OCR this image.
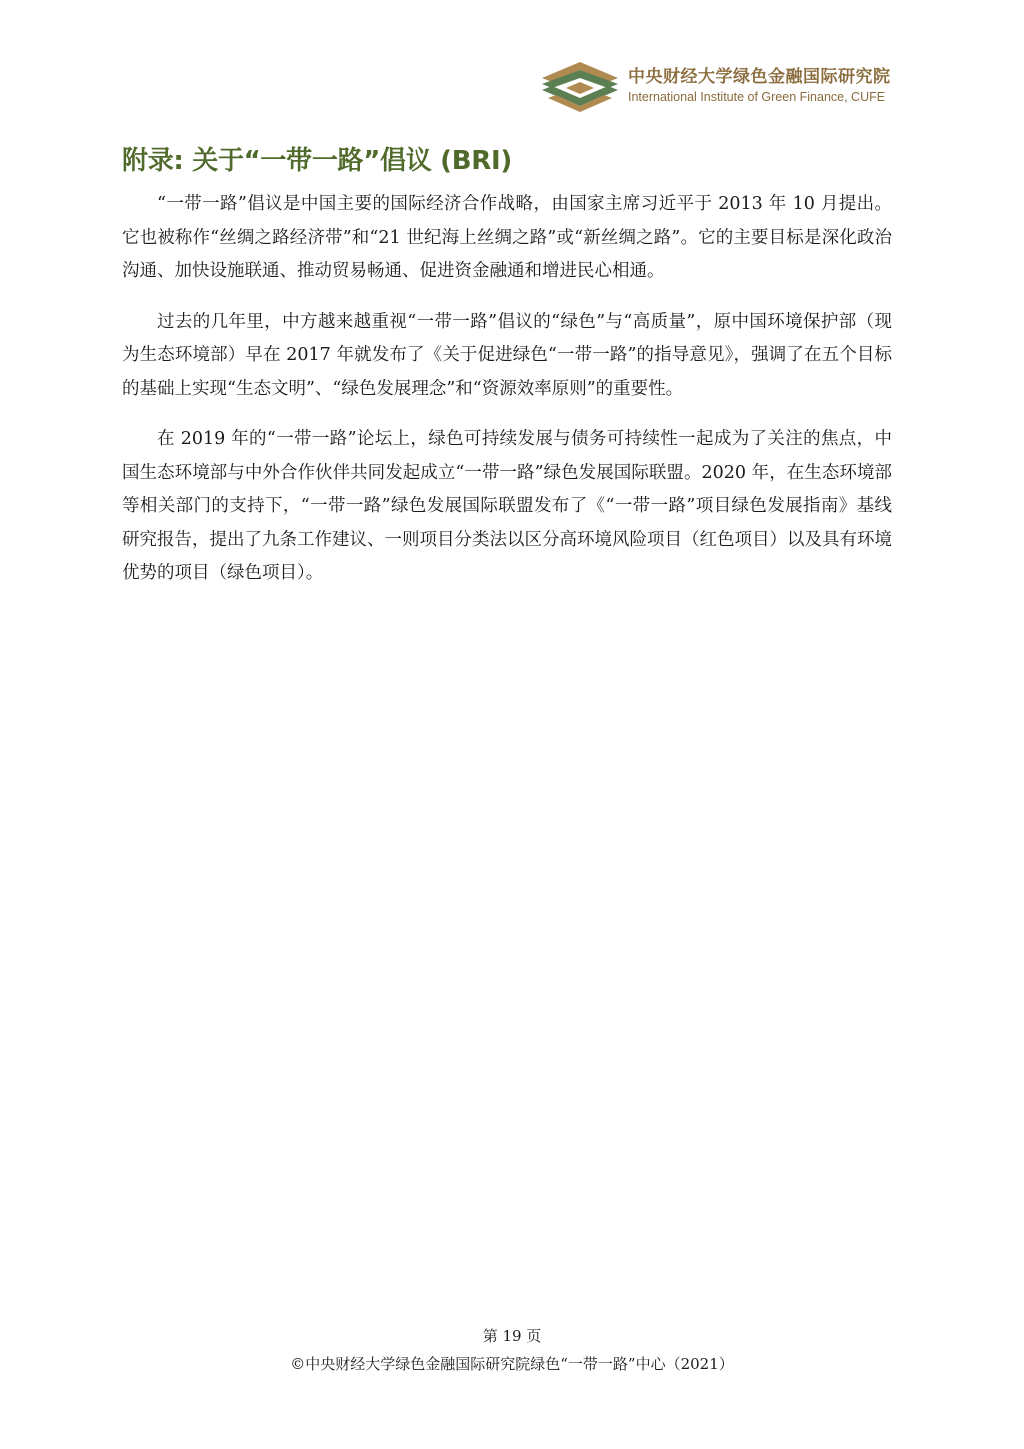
中央财经大学绿色金融国际研究院
International Institute of Green Finance, CUFE
附录: 关于“一带一路”倡议 (BRI)

“一带一路”倡议是中国主要的国际经济合作战略，由国家主席习近平于 2013 年 10 月提出。它也被称作“丝绸之路经济带”和“21 世纪海上丝绸之路”或“新丝绸之路”。它的主要目标是深化政治沟通、加快设施联通、推动贸易畅通、促进资金融通和增进民心相通。

过去的几年里，中方越来越重视“一带一路”倡议的“绿色”与“高质量”，原中国环境保护部（现为生态环境部）早在 2017 年就发布了《关于促进绿色“一带一路”的指导意见》，强调了在五个目标的基础上实现“生态文明”、“绿色发展理念”和“资源效率原则”的重要性。

在 2019 年的“一带一路”论坛上，绿色可持续发展与债务可持续性一起成为了关注的焦点，中国生态环境部与中外合作伙伴共同发起成立“一带一路”绿色发展国际联盟。2020 年，在生态环境部等相关部门的支持下，“一带一路”绿色发展国际联盟发布了《“一带一路”项目绿色发展指南》基线研究报告，提出了九条工作建议、一则项目分类法以区分高环境风险项目（红色项目）以及具有环境优势的项目（绿色项目）。

第 19 页
©中央财经大学绿色金融国际研究院绿色“一带一路”中心（2021）
